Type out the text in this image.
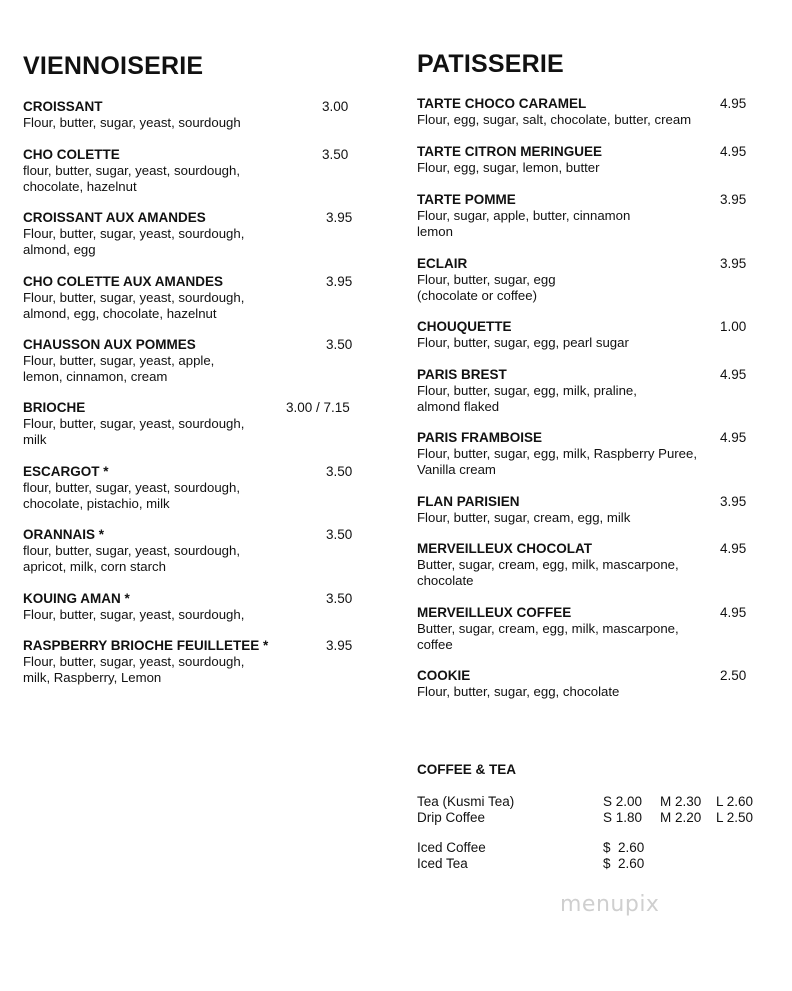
VIENNOISERIE
CROISSANT
Flour, butter, sugar, yeast, sourdough
3.00
CHO COLETTE
flour, butter, sugar, yeast, sourdough,
chocolate, hazelnut
3.50
CROISSANT AUX AMANDES
Flour, butter, sugar, yeast, sourdough,
almond, egg
3.95
CHO COLETTE AUX AMANDES
Flour, butter, sugar, yeast, sourdough,
almond, egg, chocolate, hazelnut
3.95
CHAUSSON AUX POMMES
Flour, butter, sugar, yeast, apple,
lemon, cinnamon, cream
3.50
BRIOCHE
Flour, butter, sugar, yeast, sourdough,
milk
3.00 / 7.15
ESCARGOT *
flour, butter, sugar, yeast, sourdough,
chocolate, pistachio, milk
3.50
ORANNAIS *
flour, butter, sugar, yeast, sourdough,
apricot, milk, corn starch
3.50
KOUING AMAN *
Flour, butter, sugar, yeast, sourdough,
3.50
RASPBERRY BRIOCHE FEUILLETEE *
Flour, butter, sugar, yeast, sourdough,
milk, Raspberry, Lemon
3.95
PATISSERIE
TARTE CHOCO CARAMEL
Flour, egg, sugar, salt, chocolate, butter, cream
4.95
TARTE CITRON MERINGUEE
Flour, egg, sugar, lemon, butter
4.95
TARTE POMME
Flour, sugar, apple, butter, cinnamon
lemon
3.95
ECLAIR
Flour, butter, sugar, egg
(chocolate or coffee)
3.95
CHOUQUETTE
Flour, butter, sugar, egg, pearl sugar
1.00
PARIS BREST
Flour, butter, sugar, egg, milk, praline,
almond flaked
4.95
PARIS FRAMBOISE
Flour, butter, sugar, egg, milk, Raspberry Puree,
Vanilla cream
4.95
FLAN PARISIEN
Flour, butter, sugar, cream, egg, milk
3.95
MERVEILLEUX CHOCOLAT
Butter, sugar, cream, egg, milk, mascarpone,
chocolate
4.95
MERVEILLEUX COFFEE
Butter, sugar, cream, egg, milk, mascarpone,
coffee
4.95
COOKIE
Flour, butter, sugar, egg, chocolate
2.50
COFFEE & TEA
Tea (Kusmi Tea)	S 2.00 M 2.30 L 2.60
Drip Coffee	S 1.80 M 2.20 L 2.50
Iced Coffee	$  2.60
Iced Tea	$  2.60
menupix
